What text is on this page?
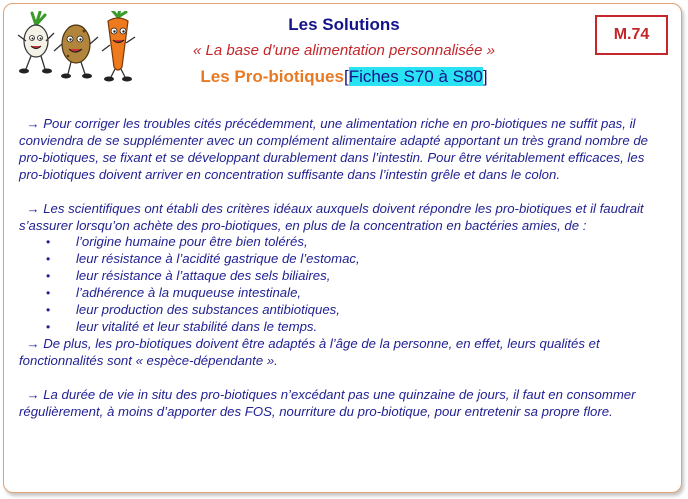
Les Solutions
« La base d’une alimentation personnalisée »
Les Pro-biotiques[Fiches S70 à S80]
M.74

→ Pour corriger les troubles cités précédemment, une alimentation riche en pro-biotiques ne suffit pas, il conviendra de se supplémenter avec un complément alimentaire adapté apportant un très grand nombre de pro-biotiques, se fixant et se développant durablement dans l’intestin. Pour être véritablement efficaces, les pro-biotiques doivent arriver en concentration suffisante dans l’intestin grêle et dans le colon.

→ Les scientifiques ont établi des critères idéaux auxquels doivent répondre les pro-biotiques et il faudrait s’assurer lorsqu’on achète des pro-biotiques, en plus de la concentration en bactéries amies, de :

• l’origine humaine pour être bien tolérés,
• leur résistance à l’acidité gastrique de l’estomac,
• leur résistance à l’attaque des sels biliaires,
• l’adhérence à la muqueuse intestinale,
• leur production des substances antibiotiques,
• leur vitalité et leur stabilité dans le temps.

→ De plus, les pro-biotiques doivent être adaptés à l’âge de la personne, en effet, leurs qualités et fonctionnalités sont « espèce-dépendante ».

→ La durée de vie in situ des pro-biotiques n’excédant pas une quinzaine de jours, il faut en consommer régulièrement, à moins d’apporter des FOS, nourriture du pro-biotique, pour entretenir sa propre flore.
